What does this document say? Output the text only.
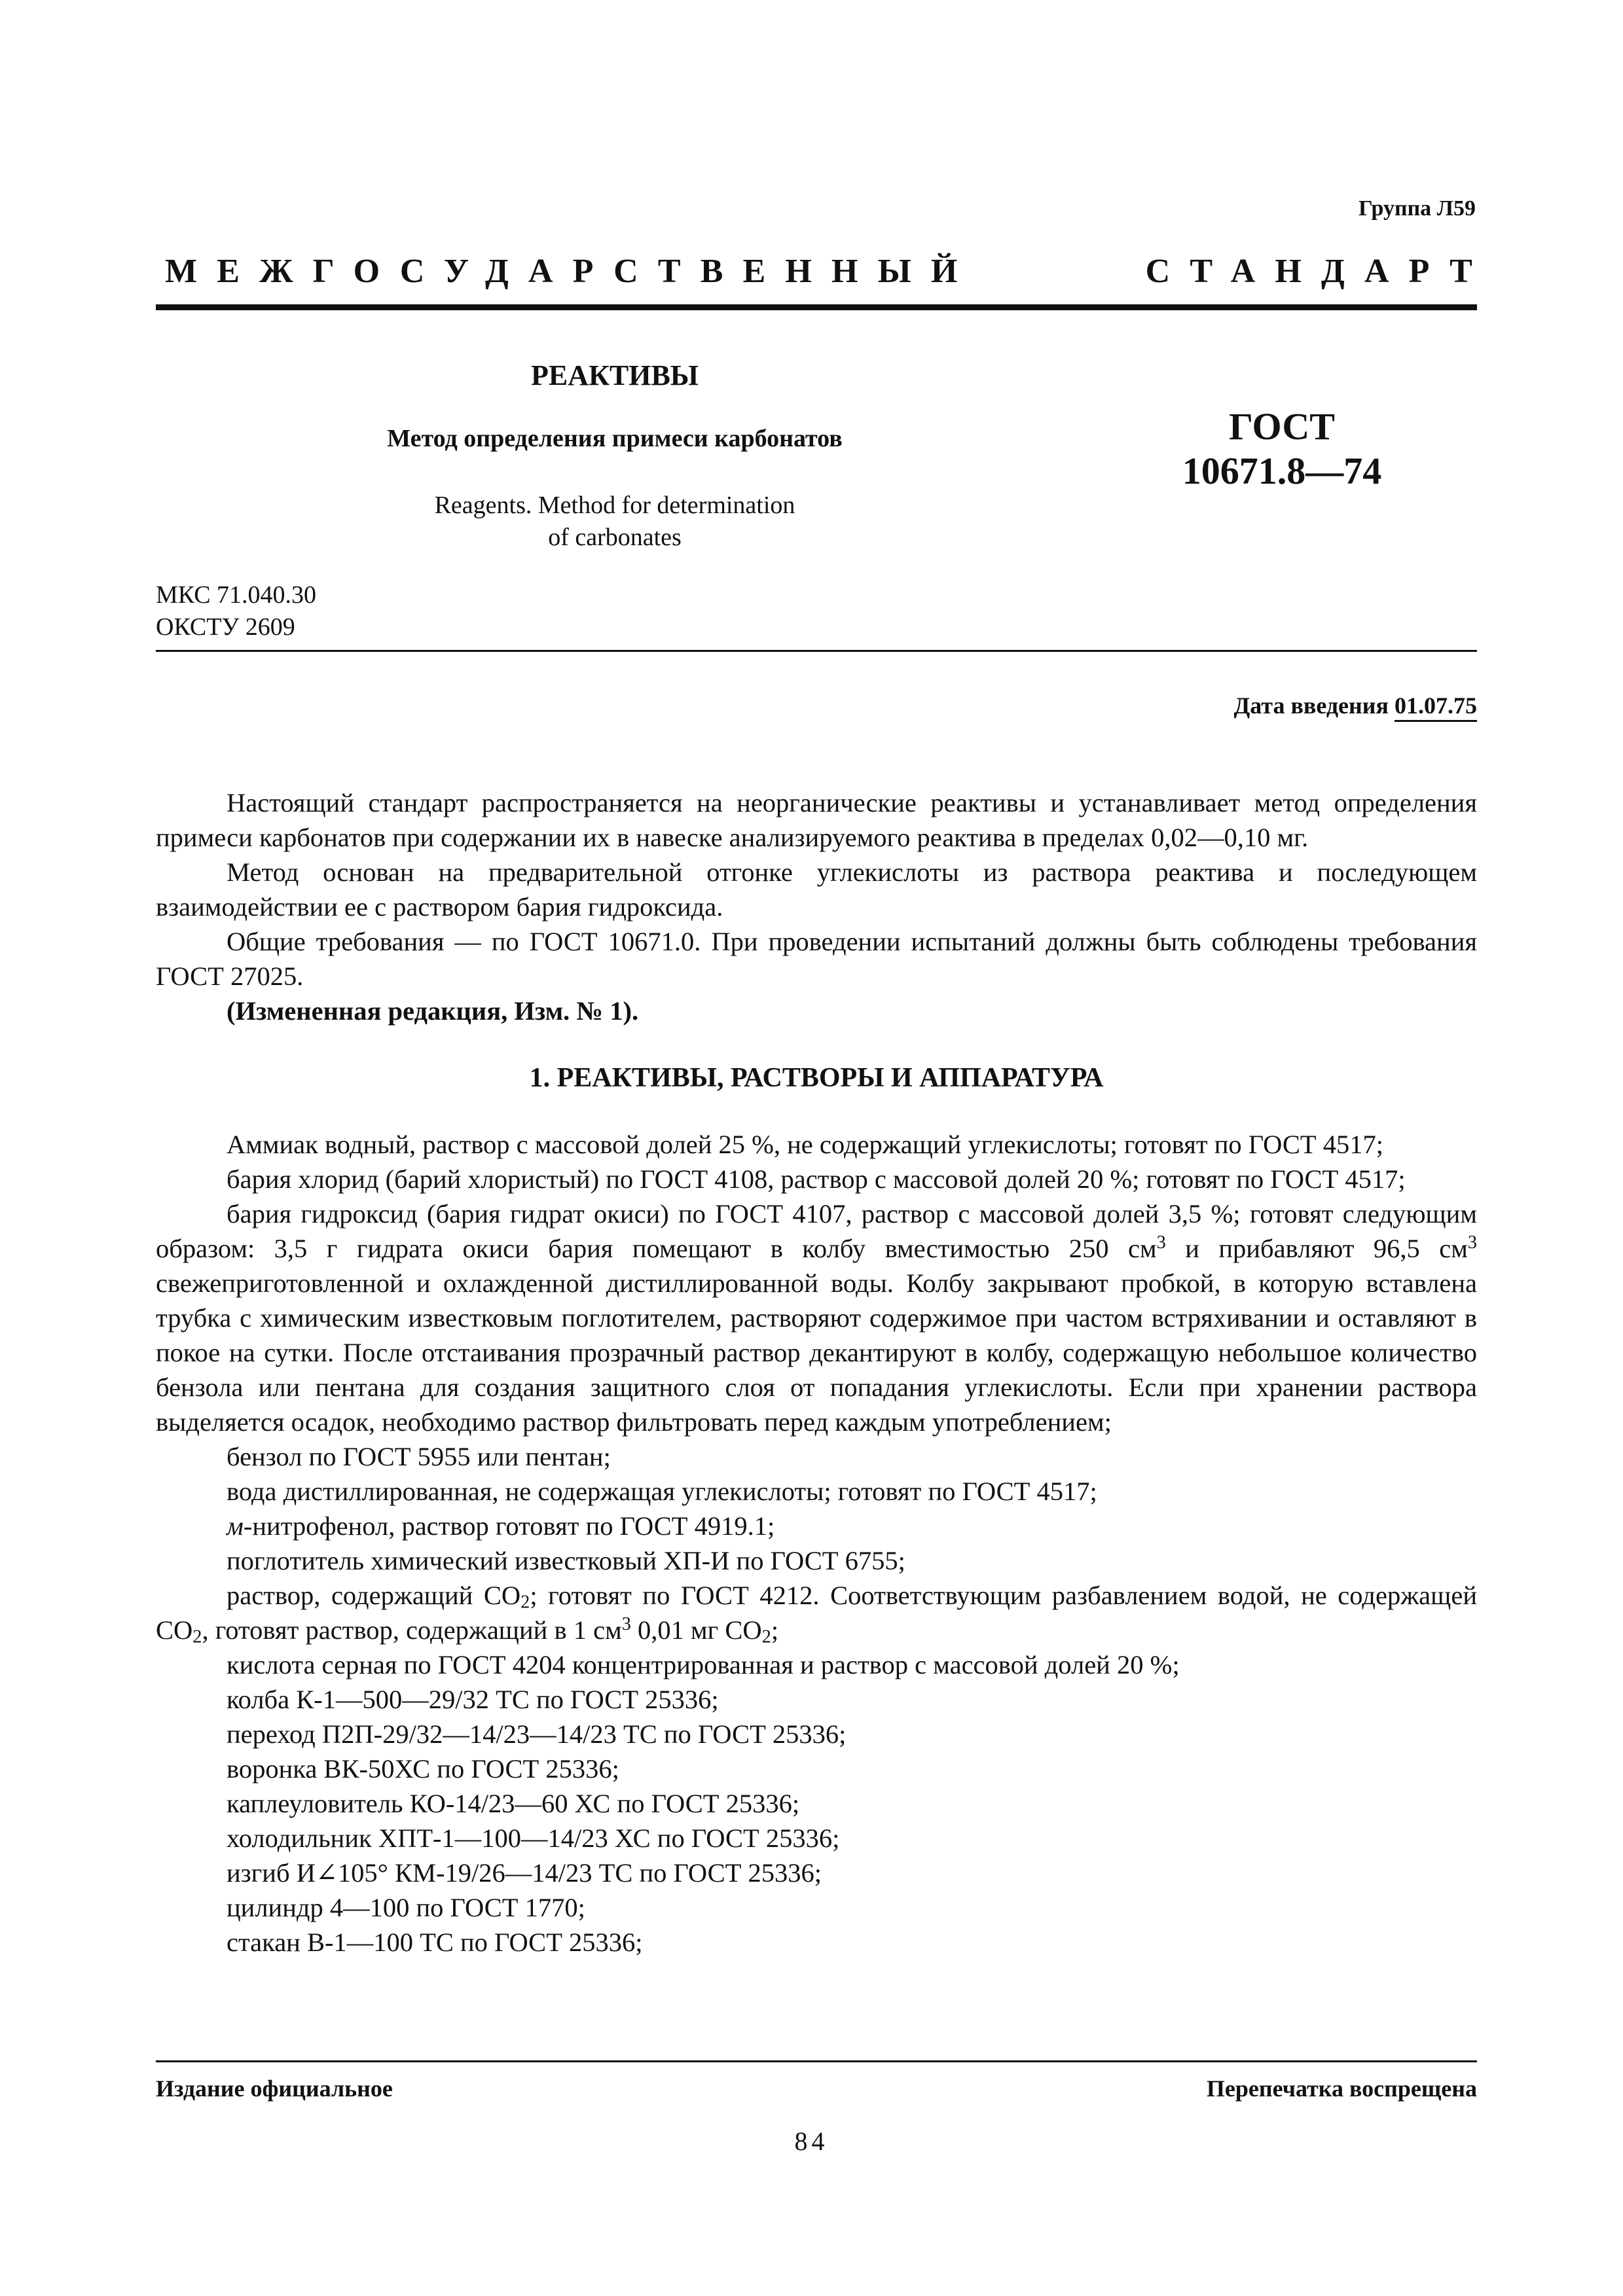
Группа Л59
МЕЖГОСУДАРСТВЕННЫЙ	СТАНДАРТ
РЕАКТИВЫ
Метод определения примеси карбонатов
Reagents. Method for determination
of carbonates
ГОСТ
10671.8—74
МКС 71.040.30
ОКСТУ 2609
Дата введения 01.07.75

Настоящий стандарт распространяется на неорганические реактивы и устанавливает метод определения примеси карбонатов при содержании их в навеске анализируемого реактива в пределах 0,02—0,10 мг.

Метод основан на предварительной отгонке углекислоты из раствора реактива и последующем взаимодействии ее с раствором бария гидроксида.

Общие требования — по ГОСТ 10671.0. При проведении испытаний должны быть соблюдены требования ГОСТ 27025.

(Измененная редакция, Изм. № 1).

1. РЕАКТИВЫ, РАСТВОРЫ И АППАРАТУРА

Аммиак водный, раствор с массовой долей 25 %, не содержащий углекислоты; готовят по ГОСТ 4517;

бария хлорид (барий хлористый) по ГОСТ 4108, раствор с массовой долей 20 %; готовят по ГОСТ 4517;

бария гидроксид (бария гидрат окиси) по ГОСТ 4107, раствор с массовой долей 3,5 %; готовят следующим образом: 3,5 г гидрата окиси бария помещают в колбу вместимостью 250 $см^3$ и прибавляют 96,5 $см^3$ свежеприготовленной и охлажденной дистиллированной воды. Колбу закрывают пробкой, в которую вставлена трубка с химическим известковым поглотителем, растворяют содержимое при частом встряхивании и оставляют в покое на сутки. После отстаивания прозрачный раствор декантируют в колбу, содержащую небольшое количество бензола или пентана для создания защитного слоя от попадания углекислоты. Если при хранении раствора выделяется осадок, необходимо раствор фильтровать перед каждым употреблением;

бензол по ГОСТ 5955 или пентан;

вода дистиллированная, не содержащая углекислоты; готовят по ГОСТ 4517;

м-нитрофенол, раствор готовят по ГОСТ 4919.1;

поглотитель химический известковый ХП-И по ГОСТ 6755;

раствор, содержащий $СО_2$; готовят по ГОСТ 4212. Соответствующим разбавлением водой, не содержащей $СО_2$, готовят раствор, содержащий в 1 $см^3$ 0,01 мг $СО_2$;

кислота серная по ГОСТ 4204 концентрированная и раствор с массовой долей 20 %;

колба К-1—500—29/32 ТС по ГОСТ 25336;

переход П2П-29/32—14/23—14/23 ТС по ГОСТ 25336;

воронка ВК-50ХС по ГОСТ 25336;

каплеуловитель КО-14/23—60 ХС по ГОСТ 25336;

холодильник ХПТ-1—100—14/23 ХС по ГОСТ 25336;

изгиб И∠105° КМ-19/26—14/23 ТС по ГОСТ 25336;

цилиндр 4—100 по ГОСТ 1770;

стакан В-1—100 ТС по ГОСТ 25336;

Издание официальное	Перепечатка воспрещена
84
